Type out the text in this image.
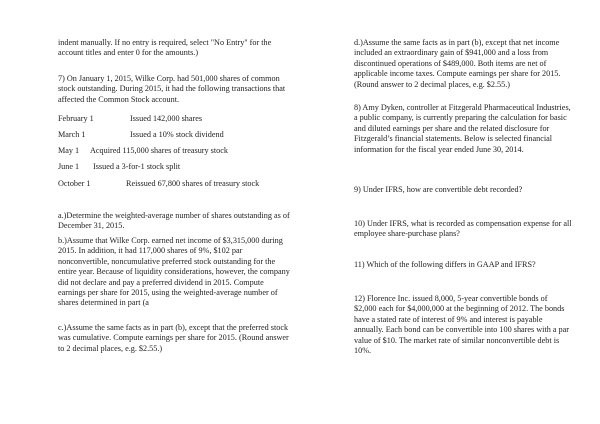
indent manually. If no entry is required, select "No Entry" for the account titles and enter 0 for the amounts.)

7) On January 1, 2015, Wilke Corp. had 501,000 shares of common stock outstanding. During 2015, it had the following transactions that affected the Common Stock account.

February 1	Issued 142,000 shares
March 1	Issued a 10% stock dividend
May 1 Acquired 115,000 shares of treasury stock
June 1 Issued a 3-for-1 stock split
October 1	Reissued 67,800 shares of treasury stock

a.)Determine the weighted-average number of shares outstanding as of December 31, 2015.

b.)Assume that Wilke Corp. earned net income of $3,315,000 during 2015. In addition, it had 117,000 shares of 9%, $102 par nonconvertible, noncumulative preferred stock outstanding for the entire year. Because of liquidity considerations, however, the company did not declare and pay a preferred dividend in 2015. Compute earnings per share for 2015, using the weighted-average number of shares determined in part (a

c.)Assume the same facts as in part (b), except that the preferred stock was cumulative. Compute earnings per share for 2015. (Round answer to 2 decimal places, e.g. $2.55.)

d.)Assume the same facts as in part (b), except that net income included an extraordinary gain of $941,000 and a loss from discontinued operations of $489,000. Both items are net of applicable income taxes. Compute earnings per share for 2015. (Round answer to 2 decimal places, e.g. $2.55.)

8) Amy Dyken, controller at Fitzgerald Pharmaceutical Industries, a public company, is currently preparing the calculation for basic and diluted earnings per share and the related disclosure for Fitzgerald’s financial statements. Below is selected financial information for the fiscal year ended June 30, 2014.

9) Under IFRS, how are convertible debt recorded?

10) Under IFRS, what is recorded as compensation expense for all employee share-purchase plans?

11) Which of the following differs in GAAP and IFRS?

12) Florence Inc. issued 8,000, 5-year convertible bonds of $2,000 each for $4,000,000 at the beginning of 2012. The bonds have a stated rate of interest of 9% and interest is payable annually. Each bond can be convertible into 100 shares with a par value of $10. The market rate of similar nonconvertible debt is 10%.
